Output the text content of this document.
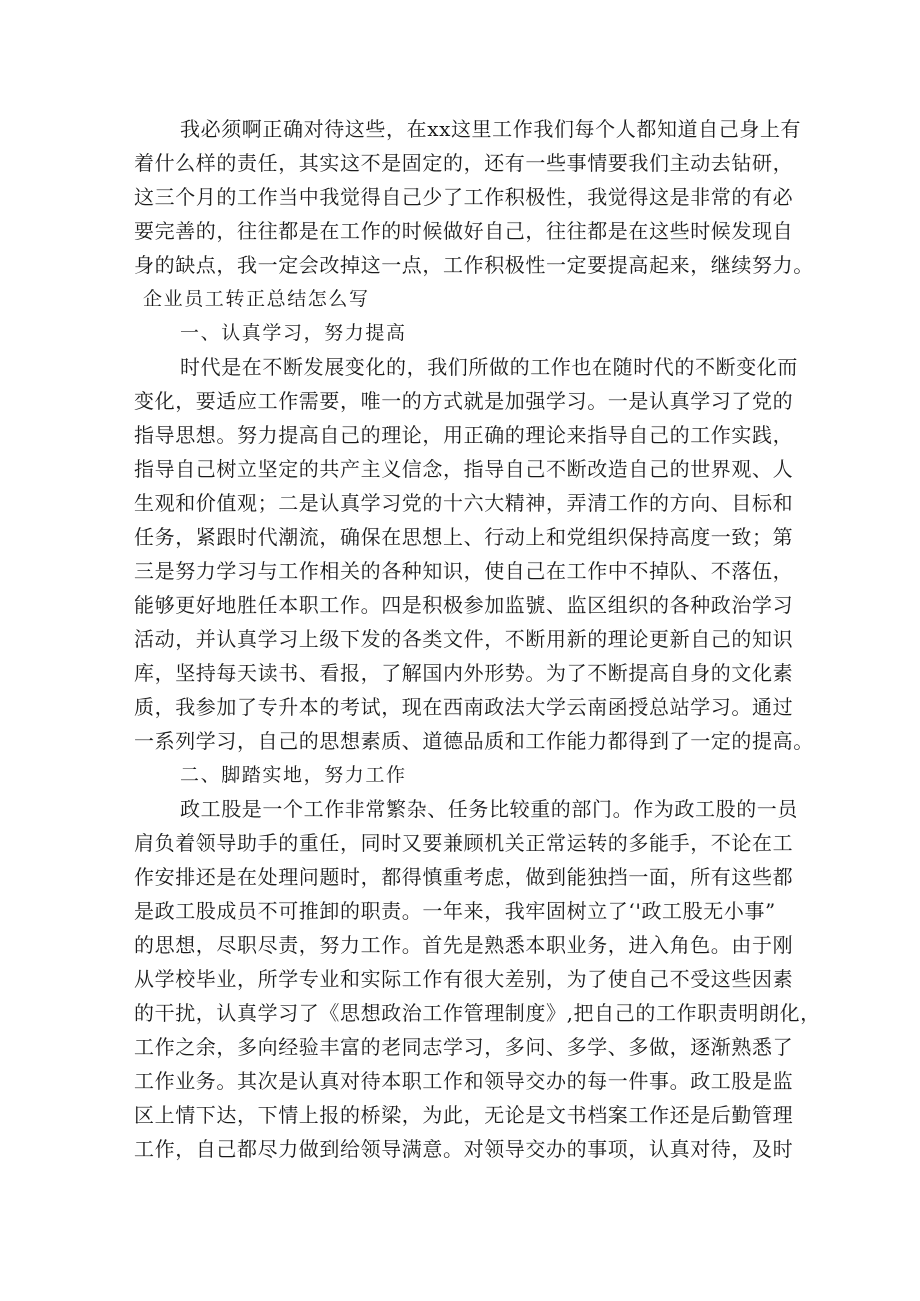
我必须啊正确对待这些，在xx这里工作我们每个人都知道自己身上有
着什么样的责任，其实这不是固定的，还有一些事情要我们主动去钻研，
这三个月的工作当中我觉得自己少了工作积极性，我觉得这是非常的有必
要完善的，往往都是在工作的时候做好自己，往往都是在这些时候发现自
身的缺点，我一定会改掉这一点，工作积极性一定要提高起来，继续努力。
企业员工转正总结怎么写
一、认真学习，努力提高
时代是在不断发展变化的，我们所做的工作也在随时代的不断变化而
变化，要适应工作需要，唯一的方式就是加强学习。一是认真学习了党的
指导思想。努力提高自己的理论，用正确的理论来指导自己的工作实践，
指导自己树立坚定的共产主义信念，指导自己不断改造自己的世界观、人
生观和价值观；二是认真学习党的十六大精神，弄清工作的方向、目标和
任务，紧跟时代潮流，确保在思想上、行动上和党组织保持高度一致；第
三是努力学习与工作相关的各种知识，使自己在工作中不掉队、不落伍，
能够更好地胜任本职工作。四是积极参加监號、监区组织的各种政治学习
活动，并认真学习上级下发的各类文件，不断用新的理论更新自己的知识
库，坚持每天读书、看报，了解国内外形势。为了不断提高自身的文化素
质，我参加了专升本的考试，现在西南政法大学云南函授总站学习。通过
一系列学习，自己的思想素质、道德品质和工作能力都得到了一定的提高。
二、脚踏实地，努力工作
政工股是一个工作非常繁杂、任务比较重的部门。作为政工股的一员
肩负着领导助手的重任，同时又要兼顾机关正常运转的多能手，不论在工
作安排还是在处理问题时，都得慎重考虑，做到能独挡一面，所有这些都
是政工股成员不可推卸的职责。一年来，我牢固树立了‘'政工股无小事”
的思想，尽职尽责，努力工作。首先是熟悉本职业务，进入角色。由于刚
从学校毕业，所学专业和实际工作有很大差别，为了使自己不受这些因素
的干扰，认真学习了《思想政治工作管理制度》,把自己的工作职责明朗化，
工作之余，多向经验丰富的老同志学习，多问、多学、多做，逐渐熟悉了
工作业务。其次是认真对待本职工作和领导交办的每一件事。政工股是监
区上情下达，下情上报的桥梁，为此，无论是文书档案工作还是后勤管理
工作，自己都尽力做到给领导满意。对领导交办的事项，认真对待，及时
